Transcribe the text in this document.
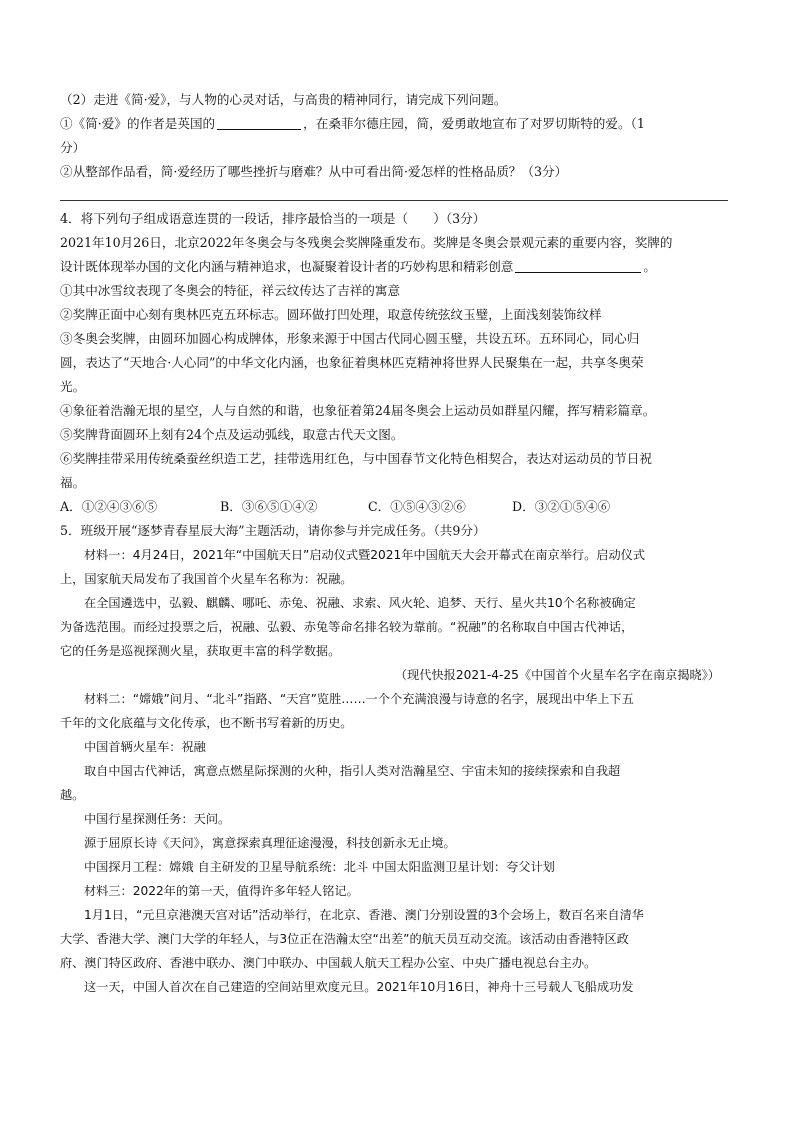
（2）走进《简·爱》，与人物的心灵对话，与高贵的精神同行，请完成下列问题。
①《简·爱》的作者是英国的	，在桑菲尔德庄园，简，爱勇敢地宣布了对罗切斯特的爱。（1
分）
②从整部作品看，简·爱经历了哪些挫折与磨难？从中可看出简·爱怎样的性格品质？（3分）
4．将下列句子组成语意连贯的一段话，排序最恰当的一项是（　　）（3分）
2021年10月26日，北京2022年冬奥会与冬残奥会奖牌隆重发布。奖牌是冬奥会景观元素的重要内容，奖牌的
设计既体现举办国的文化内涵与精神追求，也凝聚着设计者的巧妙构思和精彩创意	。
①其中冰雪纹表现了冬奥会的特征，祥云纹传达了吉祥的寓意
②奖牌正面中心刻有奥林匹克五环标志。圆环做打凹处理，取意传统弦纹玉璧，上面浅刻装饰纹样
③冬奥会奖牌，由圆环加圆心构成牌体，形象来源于中国古代同心圆玉璧，共设五环。五环同心，同心归
圆，表达了“天地合·人心同”的中华文化内涵，也象征着奥林匹克精神将世界人民聚集在一起，共享冬奥荣
光。
④象征着浩瀚无垠的星空，人与自然的和谐，也象征着第24届冬奥会上运动员如群星闪耀，挥写精彩篇章。
⑤奖牌背面圆环上刻有24个点及运动弧线，取意古代天文图。
⑥奖牌挂带采用传统桑蚕丝织造工艺，挂带选用红色，与中国春节文化特色相契合，表达对运动员的节日祝
福。
A．①②④③⑥⑤	B．③⑥⑤①④②	C．①⑤④③②⑥	D．③②①⑤④⑥
5．班级开展“逐梦青春星辰大海”主题活动，请你参与并完成任务。（共9分）
材料一：4月24日，2021年“中国航天日”启动仪式暨2021年中国航天大会开幕式在南京举行。启动仪式
上，国家航天局发布了我国首个火星车名称为：祝融。
在全国遴选中，弘毅、麒麟、哪吒、赤兔、祝融、求索、风火轮、追梦、天行、星火共10个名称被确定
为备选范围。而经过投票之后，祝融、弘毅、赤兔等命名排名较为靠前。“祝融”的名称取自中国古代神话，
它的任务是巡视探测火星，获取更丰富的科学数据。
（现代快报2021-4-25《中国首个火星车名字在南京揭晓》）
材料二：“嫦娥”问月、“北斗”指路、“天宫”览胜……一个个充满浪漫与诗意的名字，展现出中华上下五
千年的文化底蕴与文化传承，也不断书写着新的历史。
中国首辆火星车：祝融
取自中国古代神话，寓意点燃星际探测的火种，指引人类对浩瀚星空、宇宙未知的接续探索和自我超
越。
中国行星探测任务：天问。
源于屈原长诗《天问》，寓意探索真理征途漫漫，科技创新永无止境。
中国探月工程：嫦娥 自主研发的卫星导航系统：北斗 中国太阳监测卫星计划：夸父计划
材料三：2022年的第一天，值得许多年轻人铭记。
1月1日，“元旦京港澳天宫对话”活动举行，在北京、香港、澳门分别设置的3个会场上，数百名来自清华
大学、香港大学、澳门大学的年轻人，与3位正在浩瀚太空“出差”的航天员互动交流。该活动由香港特区政
府、澳门特区政府、香港中联办、澳门中联办、中国载人航天工程办公室、中央广播电视总台主办。
这一天，中国人首次在自己建造的空间站里欢度元旦。2021年10月16日，神舟十三号载人飞船成功发
